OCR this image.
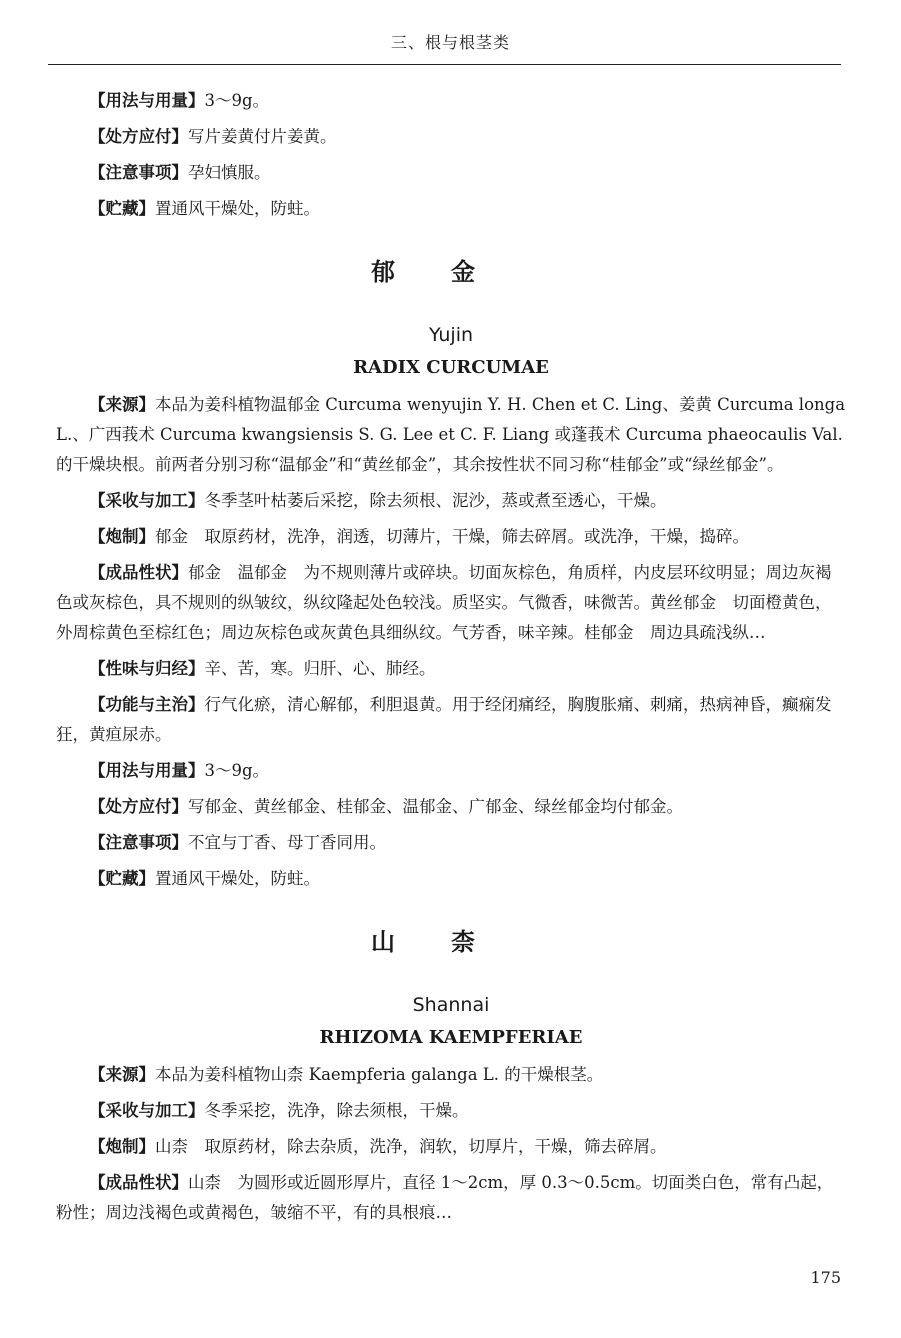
三、根与根茎类

【用法与用量】3～9g。

【处方应付】写片姜黄付片姜黄。

【注意事项】孕妇慎服。

【贮藏】置通风干燥处，防蛀。

郁金
Yujin
RADIX CURCUMAE

【来源】本品为姜科植物温郁金 Curcuma wenyujin Y. H. Chen et C. Ling、姜黄 Curcuma longa L.、广西莪术 Curcuma kwangsiensis S. G. Lee et C. F. Liang 或蓬莪术 Curcuma phaeocaulis Val. 的干燥块根。前两者分别习称“温郁金”和“黄丝郁金”，其余按性状不同习称“桂郁金”或“绿丝郁金”。

【采收与加工】冬季茎叶枯萎后采挖，除去须根、泥沙，蒸或煮至透心，干燥。

【炮制】郁金　取原药材，洗净，润透，切薄片，干燥，筛去碎屑。或洗净，干燥，捣碎。

【成品性状】郁金　温郁金　为不规则薄片或碎块。切面灰棕色，角质样，内皮层环纹明显；周边灰褐色或灰棕色，具不规则的纵皱纹，纵纹隆起处色较浅。质坚实。气微香，味微苦。黄丝郁金　切面橙黄色，外周棕黄色至棕红色；周边灰棕色或灰黄色具细纵纹。气芳香，味辛辣。桂郁金　周边具疏浅纵…

【性味与归经】辛、苦，寒。归肝、心、肺经。

【功能与主治】行气化瘀，清心解郁，利胆退黄。用于经闭痛经，胸腹胀痛、刺痛，热病神昏，癫痫发狂，黄疸尿赤。

【用法与用量】3～9g。

【处方应付】写郁金、黄丝郁金、桂郁金、温郁金、广郁金、绿丝郁金均付郁金。

【注意事项】不宜与丁香、母丁香同用。

【贮藏】置通风干燥处，防蛀。

山柰
Shannai
RHIZOMA KAEMPFERIAE

【来源】本品为姜科植物山柰 Kaempferia galanga L. 的干燥根茎。

【采收与加工】冬季采挖，洗净，除去须根，干燥。

【炮制】山柰　取原药材，除去杂质，洗净，润软，切厚片，干燥，筛去碎屑。

【成品性状】山柰　为圆形或近圆形厚片，直径 1～2cm，厚 0.3～0.5cm。切面类白色，常有凸起，粉性；周边浅褐色或黄褐色，皱缩不平，有的具根痕…

175
